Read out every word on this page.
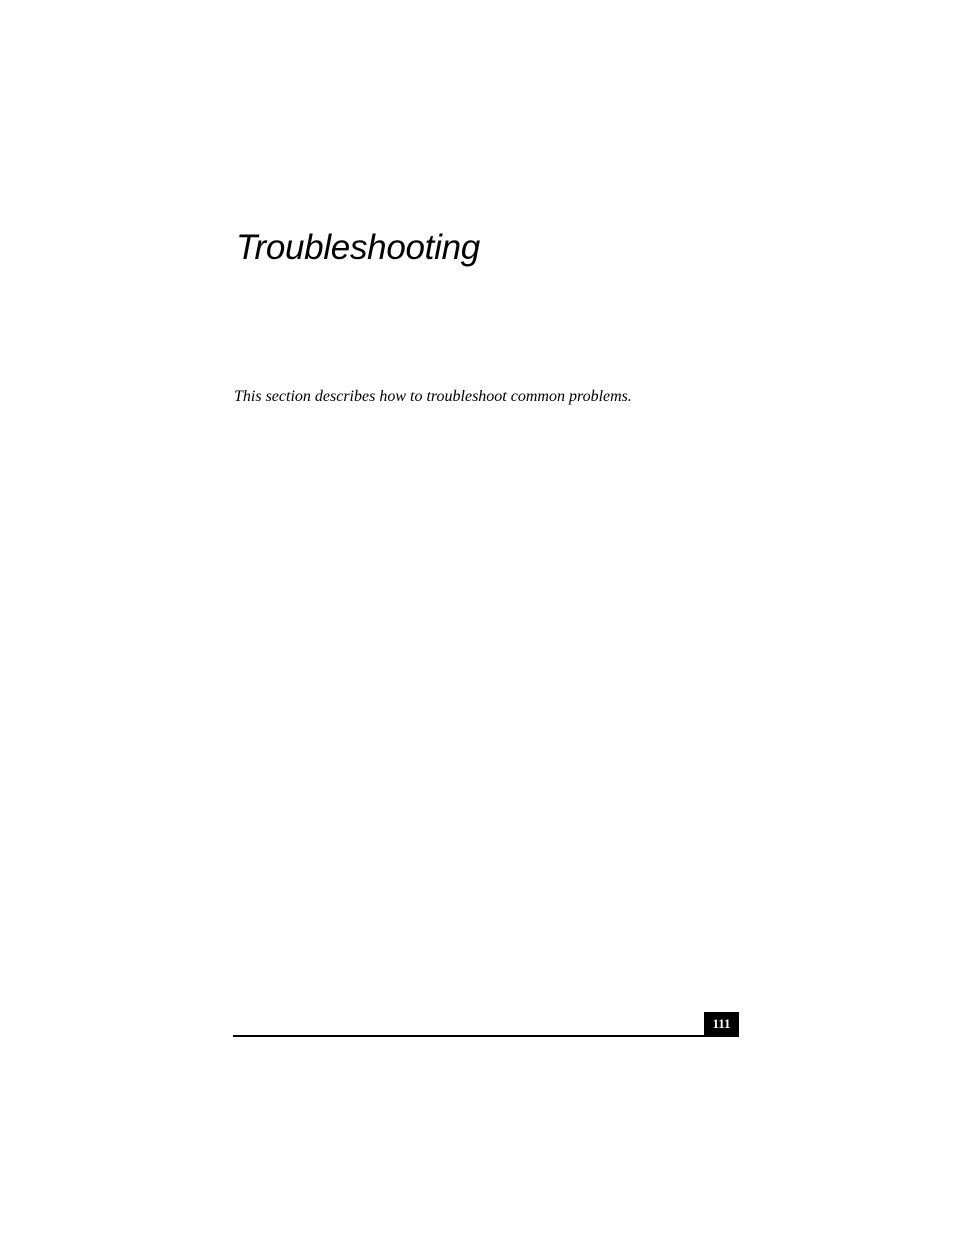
Troubleshooting

This section describes how to troubleshoot common problems.

111
